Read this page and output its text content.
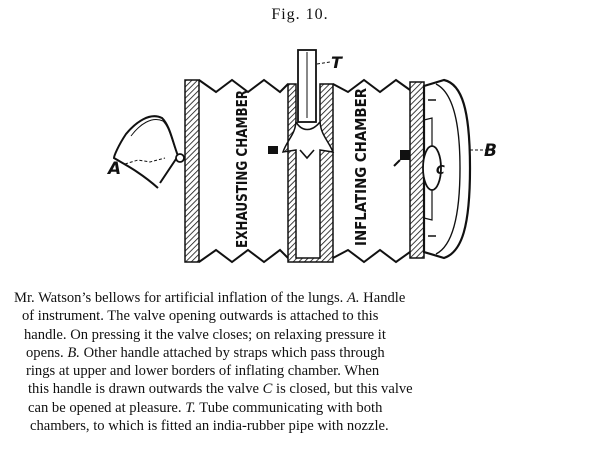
Fig. 10.
EXHAUSTING CHAMBER	INFLATING CHAMBER
A
T
B
C
Mr. Watson’s bellows for artificial inflation of the lungs. A. Handle
of instrument. The valve opening outwards is attached to this
handle. On pressing it the valve closes; on relaxing pressure it
opens. B. Other handle attached by straps which pass through
rings at upper and lower borders of inflating chamber. When
this handle is drawn outwards the valve C is closed, but this valve
can be opened at pleasure. T. Tube communicating with both
chambers, to which is fitted an india-rubber pipe with nozzle.
